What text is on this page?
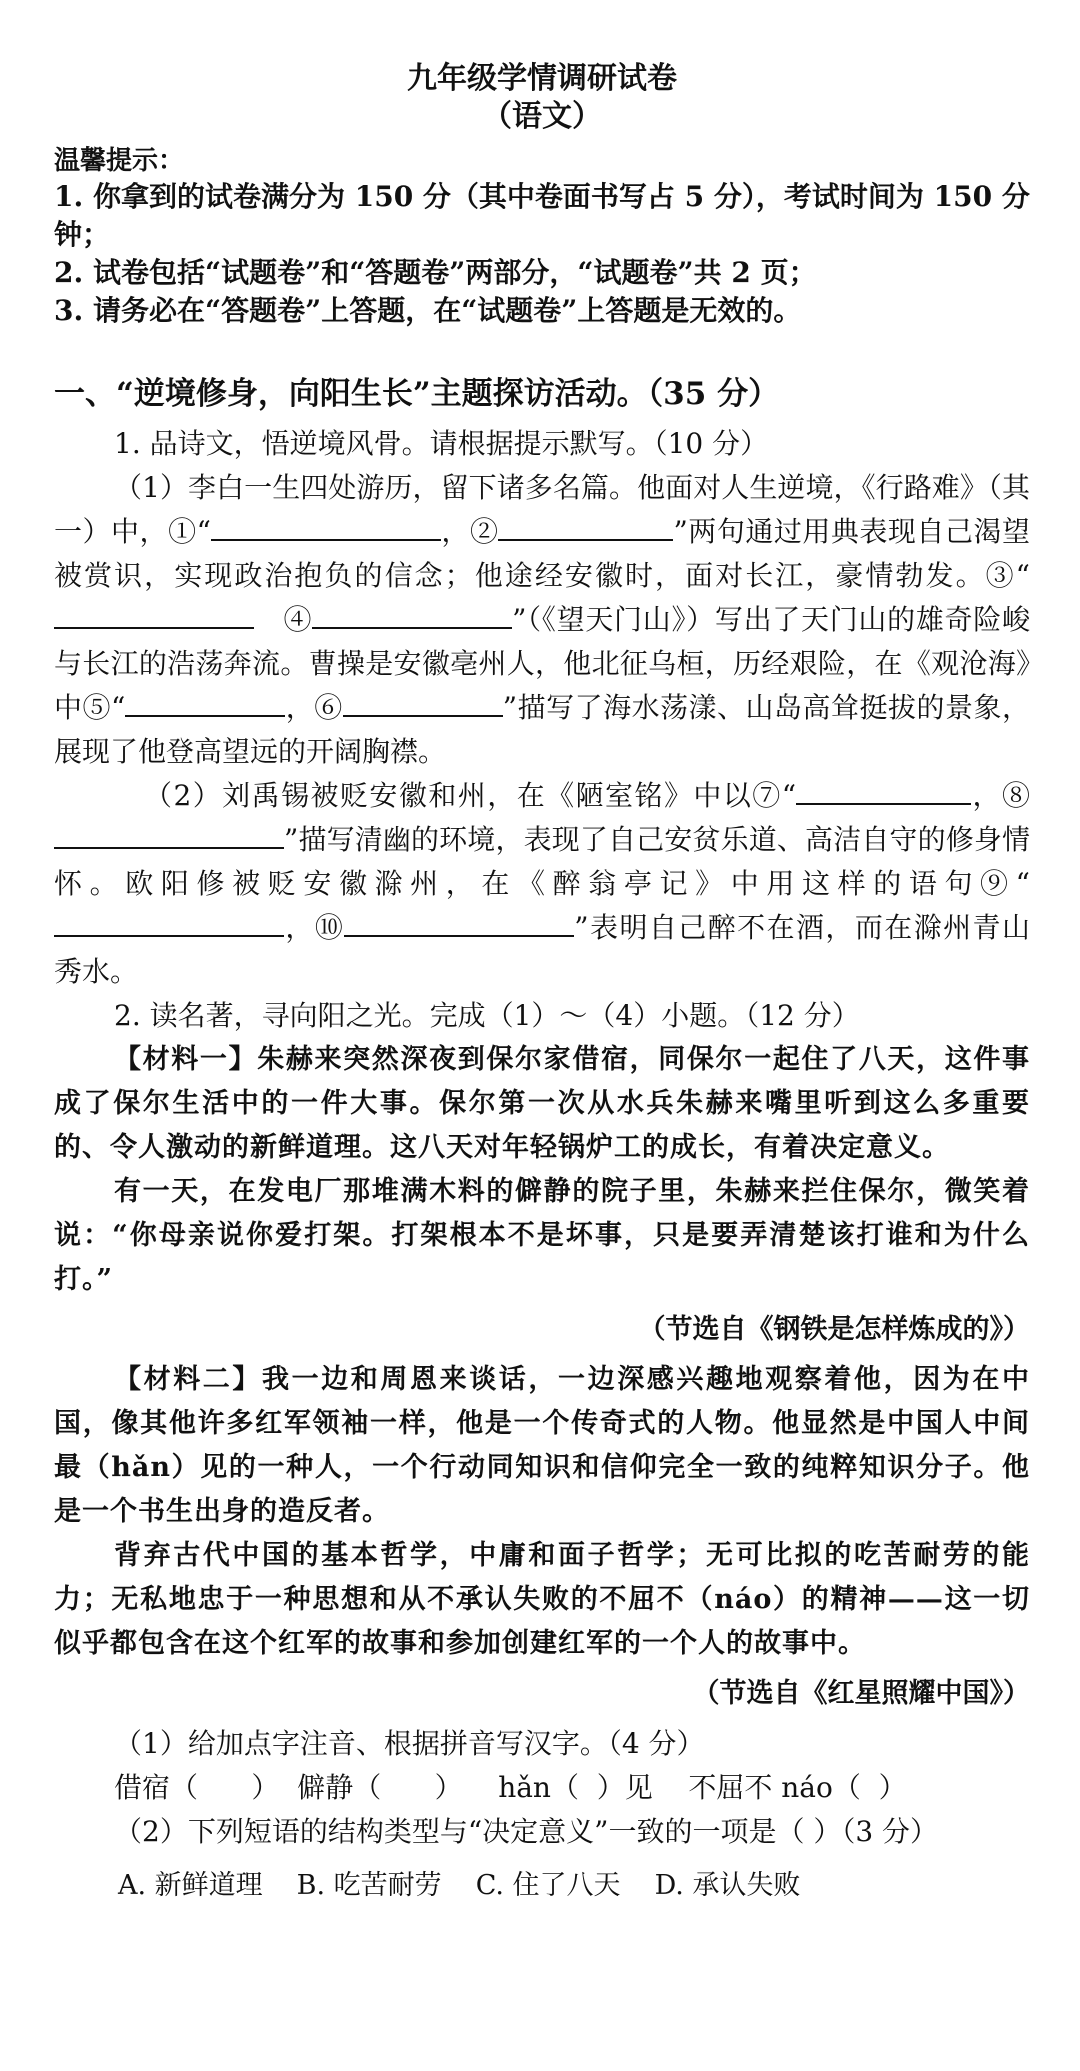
九年级学情调研试卷
（语文）
温馨提示：

1. 你拿到的试卷满分为 150 分（其中卷面书写占 5 分），考试时间为 150 分钟；

2. 试卷包括“试题卷”和“答题卷”两部分，“试题卷”共 2 页；

3. 请务必在“答题卷”上答题，在“试题卷”上答题是无效的。

一、“逆境修身，向阳生长”主题探访活动。（35 分）

1. 品诗文，悟逆境风骨。请根据提示默写。（10 分）

（1）李白一生四处游历，留下诸多名篇。他面对人生逆境，《行路难》（其一）中，①“	，②	”两句通过用典表现自己渴望被赏识，实现政治抱负的信念；他途经安徽时，面对长江，豪情勃发。③“　④	”（《望天门山》）写出了天门山的雄奇险峻与长江的浩荡奔流。曹操是安徽亳州人，他北征乌桓，历经艰险，在《观沧海》中⑤“	，⑥	”描写了海水荡漾、山岛高耸挺拔的景象，展现了他登高望远的开阔胸襟。

（2）刘禹锡被贬安徽和州，在《陋室铭》中以⑦“	，⑧”描写清幽的环境，表现了自己安贫乐道、高洁自守的修身情怀。欧阳修被贬安徽滁州，在《醉翁亭记》中用这样的语句⑨“，⑩	”表明自己醉不在酒，而在滁州青山秀水。

2. 读名著，寻向阳之光。完成（1）～（4）小题。（12 分）

【材料一】朱赫来突然深夜到保尔家借宿，同保尔一起住了八天，这件事成了保尔生活中的一件大事。保尔第一次从水兵朱赫来嘴里听到这么多重要的、令人激动的新鲜道理。这八天对年轻锅炉工的成长，有着决定意义。

有一天，在发电厂那堆满木料的僻静的院子里，朱赫来拦住保尔，微笑着说：“你母亲说你爱打架。打架根本不是坏事，只是要弄清楚该打谁和为什么打。”

（节选自《钢铁是怎样炼成的》）

【材料二】我一边和周恩来谈话，一边深感兴趣地观察着他，因为在中国，像其他许多红军领袖一样，他是一个传奇式的人物。他显然是中国人中间最（hǎn）见的一种人，一个行动同知识和信仰完全一致的纯粹知识分子。他是一个书生出身的造反者。

背弃古代中国的基本哲学，中庸和面子哲学；无可比拟的吃苦耐劳的能力；无私地忠于一种思想和从不承认失败的不屈不（náo）的精神——这一切似乎都包含在这个红军的故事和参加创建红军的一个人的故事中。

（节选自《红星照耀中国》）

（1）给加点字注音、根据拼音写汉字。（4 分）

借宿（      ）  僻静（      ）    hǎn（  ）见    不屈不 náo（  ）

（2）下列短语的结构类型与“决定意义”一致的一项是（ ）（3 分）

A. 新鲜道理 B. 吃苦耐劳 C. 住了八天 D. 承认失败
